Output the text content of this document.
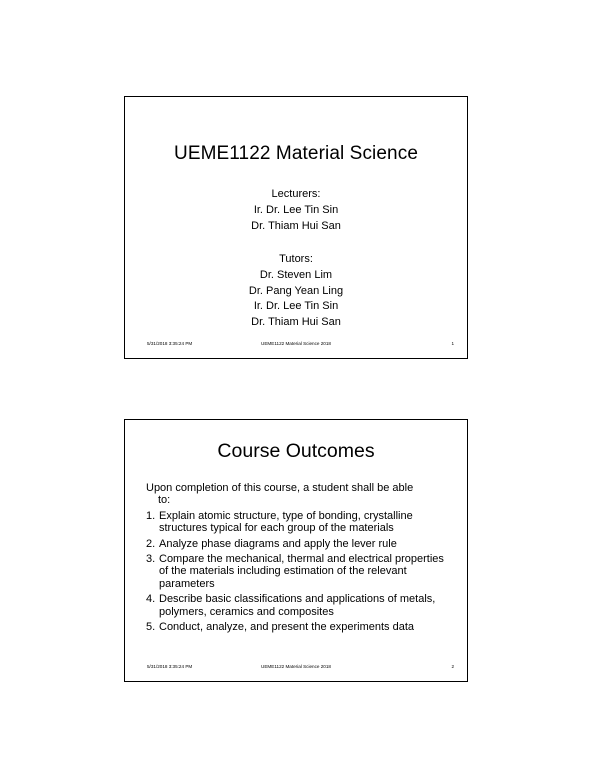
UEME1122 Material Science
Lecturers:
Ir. Dr. Lee Tin Sin
Dr. Thiam Hui San
Tutors:
Dr. Steven Lim
Dr. Pang Yean Ling
Ir. Dr. Lee Tin Sin
Dr. Thiam Hui San
5/31/2018 3:35:24 PM	UEME1122 Material Science 2018	1
Course Outcomes
Upon completion of this course, a student shall be able
to:
1. Explain atomic structure, type of bonding, crystalline structures typical for each group of the materials
2. Analyze phase diagrams and apply the lever rule
3. Compare the mechanical, thermal and electrical properties of the materials including estimation of the relevant parameters
4. Describe basic classifications and applications of metals, polymers, ceramics and composites
5. Conduct, analyze, and present the experiments data
5/31/2018 3:35:24 PM	UEME1122 Material Science 2018	2
